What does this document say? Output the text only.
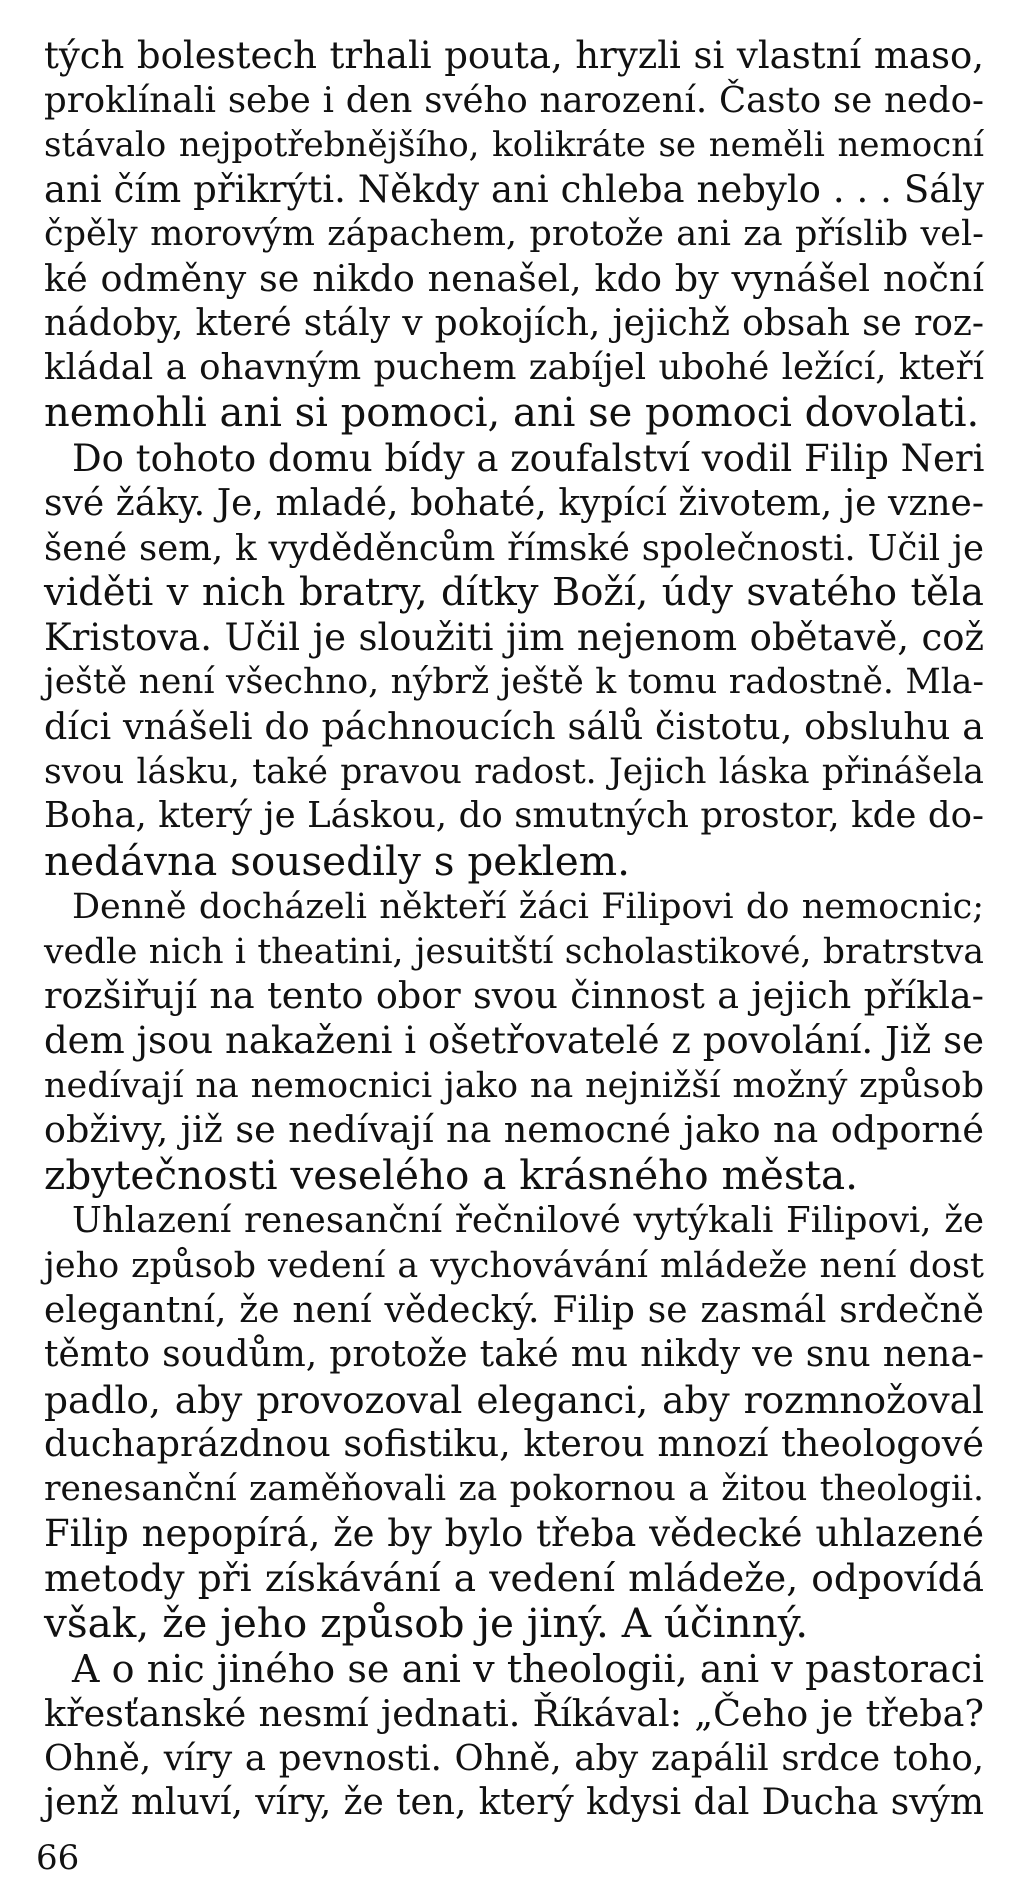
tých bolestech trhali pouta, hryzli si vlastní maso,
proklínali sebe i den svého narození. Často se nedo-
stávalo nejpotřebnějšího, kolikráte se neměli nemocní
ani čím přikrýti. Někdy ani chleba nebylo . . . Sály
čpěly morovým zápachem, protože ani za příslib vel-
ké odměny se nikdo nenašel, kdo by vynášel noční
nádoby, které stály v pokojích, jejichž obsah se roz-
kládal a ohavným puchem zabíjel ubohé ležící, kteří
nemohli ani si pomoci, ani se pomoci dovolati.

Do tohoto domu bídy a zoufalství vodil Filip Neri
své žáky. Je, mladé, bohaté, kypící životem, je vzne-
šené sem, k vyděděncům římské společnosti. Učil je
viděti v nich bratry, dítky Boží, údy svatého těla
Kristova. Učil je sloužiti jim nejenom obětavě, což
ještě není všechno, nýbrž ještě k tomu radostně. Mla-
díci vnášeli do páchnoucích sálů čistotu, obsluhu a
svou lásku, také pravou radost. Jejich láska přinášela
Boha, který je Láskou, do smutných prostor, kde do-
nedávna sousedily s peklem.

Denně docházeli někteří žáci Filipovi do nemocnic;
vedle nich i theatini, jesuitští scholastikové, bratrstva
rozšiřují na tento obor svou činnost a jejich příkla-
dem jsou nakaženi i ošetřovatelé z povolání. Již se
nedívají na nemocnici jako na nejnižší možný způsob
obživy, již se nedívají na nemocné jako na odporné
zbytečnosti veselého a krásného města.

Uhlazení renesanční řečnilové vytýkali Filipovi, že
jeho způsob vedení a vychovávání mládeže není dost
elegantní, že není vědecký. Filip se zasmál srdečně
těmto soudům, protože také mu nikdy ve snu nena-
padlo, aby provozoval eleganci, aby rozmnožoval
duchaprázdnou sofistiku, kterou mnozí theologové
renesanční zaměňovali za pokornou a žitou theologii.
Filip nepopírá, že by bylo třeba vědecké uhlazené
metody při získávání a vedení mládeže, odpovídá
však, že jeho způsob je jiný. A účinný.

A o nic jiného se ani v theologii, ani v pastoraci
křesťanské nesmí jednati. Říkával: „Čeho je třeba?
Ohně, víry a pevnosti. Ohně, aby zapálil srdce toho,
jenž mluví, víry, že ten, který kdysi dal Ducha svým

66
